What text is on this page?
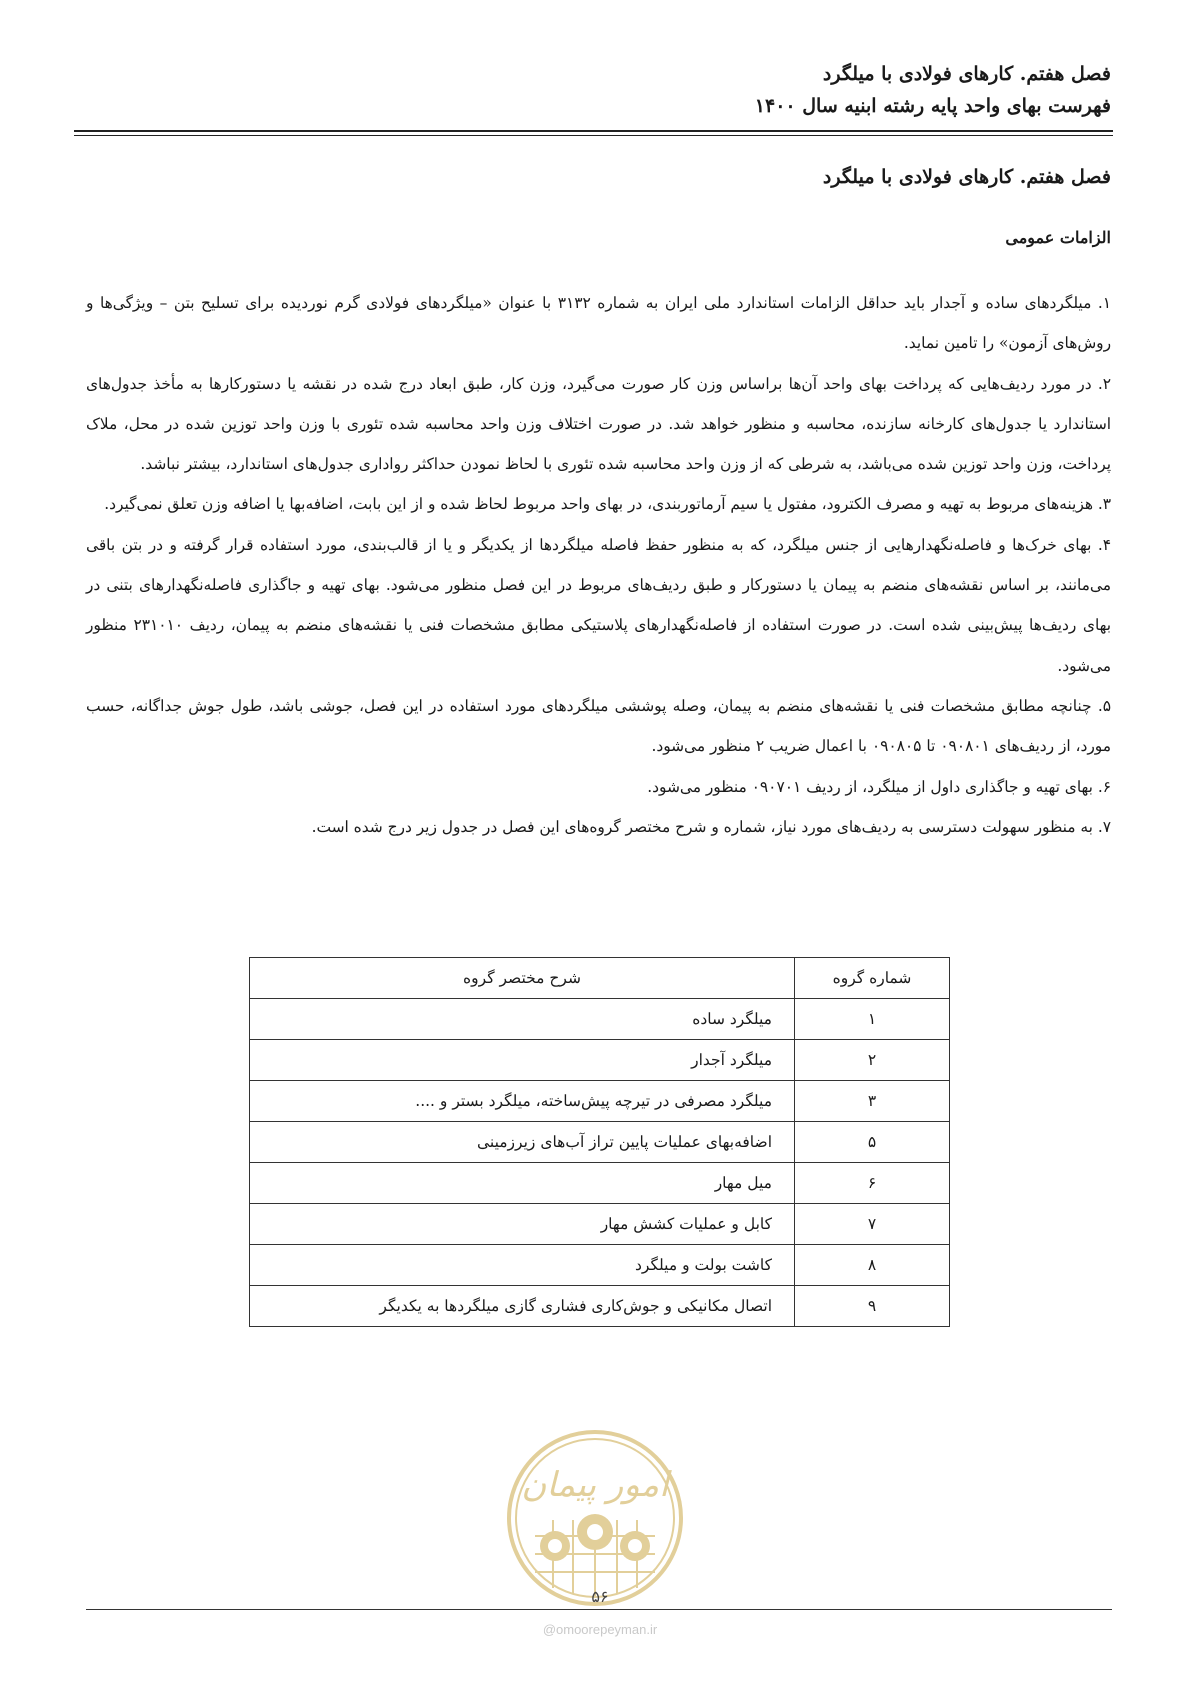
فصل هفتم. کارهای فولادی با میلگرد
فهرست بهای واحد پایه رشته ابنیه سال ۱۴۰۰
فصل هفتم. کارهای فولادی با میلگرد
الزامات عمومی

۱. میلگردهای ساده و آجدار باید حداقل الزامات استاندارد ملی ایران به شماره ۳۱۳۲ با عنوان «میلگردهای فولادی گرم نوردیده برای تسلیح بتن – ویژگی‌ها و روش‌های آزمون» را تامین نماید.

۲. در مورد ردیف‌هایی که پرداخت بهای واحد آن‌ها براساس وزن کار صورت می‌گیرد، وزن کار، طبق ابعاد درج شده در نقشه یا دستورکارها به مأخذ جدول‌های استاندارد یا جدول‌های کارخانه سازنده، محاسبه و منظور خواهد شد. در صورت اختلاف وزن واحد محاسبه شده تئوری با وزن واحد توزین شده در محل، ملاک پرداخت، وزن واحد توزین شده می‌باشد، به شرطی که از وزن واحد محاسبه شده تئوری با لحاظ نمودن حداکثر رواداری جدول‌های استاندارد، بیشتر نباشد.

۳. هزینه‌های مربوط به تهیه و مصرف الکترود، مفتول یا سیم آرماتوربندی، در بهای واحد مربوط لحاظ شده و از این بابت، اضافه‌بها یا اضافه وزن تعلق نمی‌گیرد.

۴. بهای خرک‌ها و فاصله‌نگهدارهایی از جنس میلگرد، که به منظور حفظ فاصله میلگردها از یکدیگر و یا از قالب‌بندی، مورد استفاده قرار گرفته و در بتن باقی می‌مانند، بر اساس نقشه‌های منضم به پیمان یا دستورکار و طبق ردیف‌های مربوط در این فصل منظور می‌شود. بهای تهیه و جاگذاری فاصله‌نگهدارهای بتنی در بهای ردیف‌ها پیش‌بینی شده است. در صورت استفاده از فاصله‌نگهدارهای پلاستیکی مطابق مشخصات فنی یا نقشه‌های منضم به پیمان، ردیف ۲۳۱۰۱۰ منظور می‌شود.

۵. چنانچه مطابق مشخصات فنی یا نقشه‌های منضم به پیمان، وصله پوششی میلگردهای مورد استفاده در این فصل، جوشی باشد، طول جوش جداگانه، حسب مورد، از ردیف‌های ۰۹۰۸۰۱ تا ۰۹۰۸۰۵ با اعمال ضریب ۲ منظور می‌شود.

۶. بهای تهیه و جاگذاری داول از میلگرد، از ردیف ۰۹۰۷۰۱ منظور می‌شود.

۷. به منظور سهولت دسترسی به ردیف‌های مورد نیاز، شماره و شرح مختصر گروه‌های این فصل در جدول زیر درج شده است.

شماره گروه	شرح مختصر گروه
۱	میلگرد ساده
۲	میلگرد آجدار
۳	میلگرد مصرفی در تیرچه پیش‌ساخته، میلگرد بستر و ....
۵	اضافه‌بهای عملیات پایین تراز آب‌های زیرزمینی
۶	میل مهار
۷	کابل و عملیات کشش مهار
۸	کاشت بولت و میلگرد
۹	اتصال مکانیکی و جوش‌کاری فشاری گازی میلگردها به یکدیگر
امور پیمان
۵۶
@omoorepeyman.ir
